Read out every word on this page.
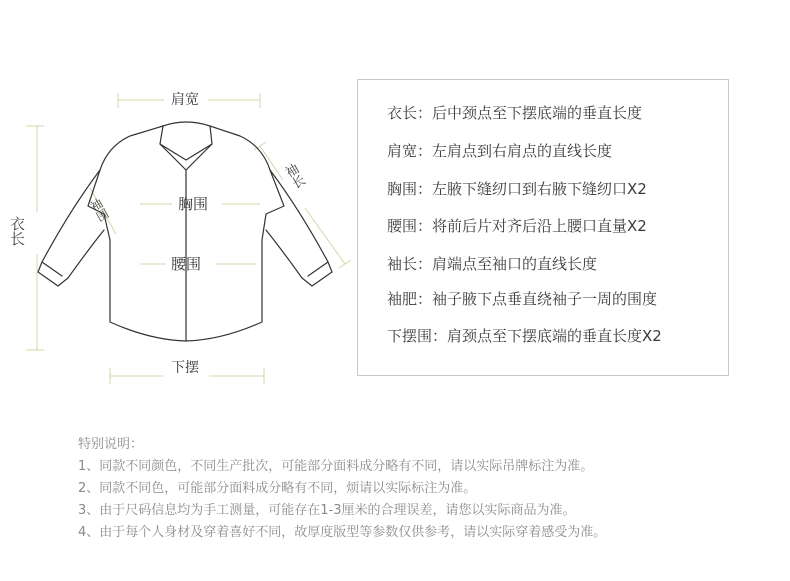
肩宽
胸围
腰围
下摆
衣长
袖长
袖围
衣长：后中颈点至下摆底端的垂直长度
肩宽：左肩点到右肩点的直线长度
胸围：左腋下缝纫口到右腋下缝纫口X2
腰围：将前后片对齐后沿上腰口直量X2
袖长：肩端点至袖口的直线长度
袖肥：袖子腋下点垂直绕袖子一周的围度
下摆围：肩颈点至下摆底端的垂直长度X2
特别说明：
1、同款不同颜色，不同生产批次，可能部分面料成分略有不同，请以实际吊牌标注为准。
2、同款不同色，可能部分面料成分略有不同，烦请以实际标注为准。
3、由于尺码信息均为手工测量，可能存在1-3厘米的合理误差，请您以实际商品为准。
4、由于每个人身材及穿着喜好不同，故厚度版型等参数仅供参考，请以实际穿着感受为准。
